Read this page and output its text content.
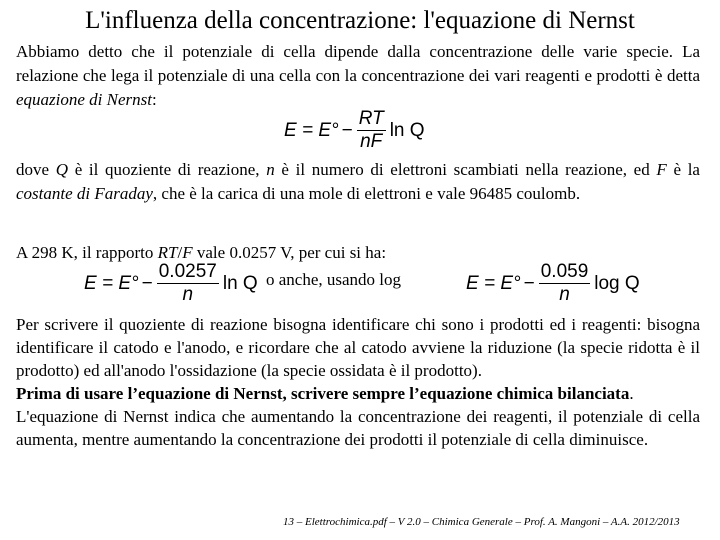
L'influenza della concentrazione: l'equazione di Nernst
Abbiamo detto che il potenziale di cella dipende dalla concentrazione delle varie specie. La relazione che lega il potenziale di una cella con la concentrazione dei vari reagenti e prodotti è detta equazione di Nernst:
$E = E^\circ - \frac{RT}{nF}$ ln Q
dove Q è il quoziente di reazione, n è il numero di elettroni scambiati nella reazione, ed F è la costante di Faraday, che è la carica di una mole di elettroni e vale 96485 coulomb.
A 298 K, il rapporto RT/F vale 0.0257 V, per cui si ha:
$E = E^\circ - \frac{0.0257}{n}$ ln Q o anche, usando log	$E = E^\circ - \frac{0.059}{n}$ log Q
Per scrivere il quoziente di reazione bisogna identificare chi sono i prodotti ed i reagenti: bisogna identificare il catodo e l'anodo, e ricordare che al catodo avviene la riduzione (la specie ridotta è il prodotto) ed all'anodo l'ossidazione (la specie ossidata è il prodotto).
Prima di usare l’equazione di Nernst, scrivere sempre l’equazione chimica bilanciata.
L'equazione di Nernst indica che aumentando la concentrazione dei reagenti, il potenziale di cella aumenta, mentre aumentando la concentrazione dei prodotti il potenziale di cella diminuisce.
13 – Elettrochimica.pdf – V 2.0 – Chimica Generale – Prof. A. Mangoni – A.A. 2012/2013
